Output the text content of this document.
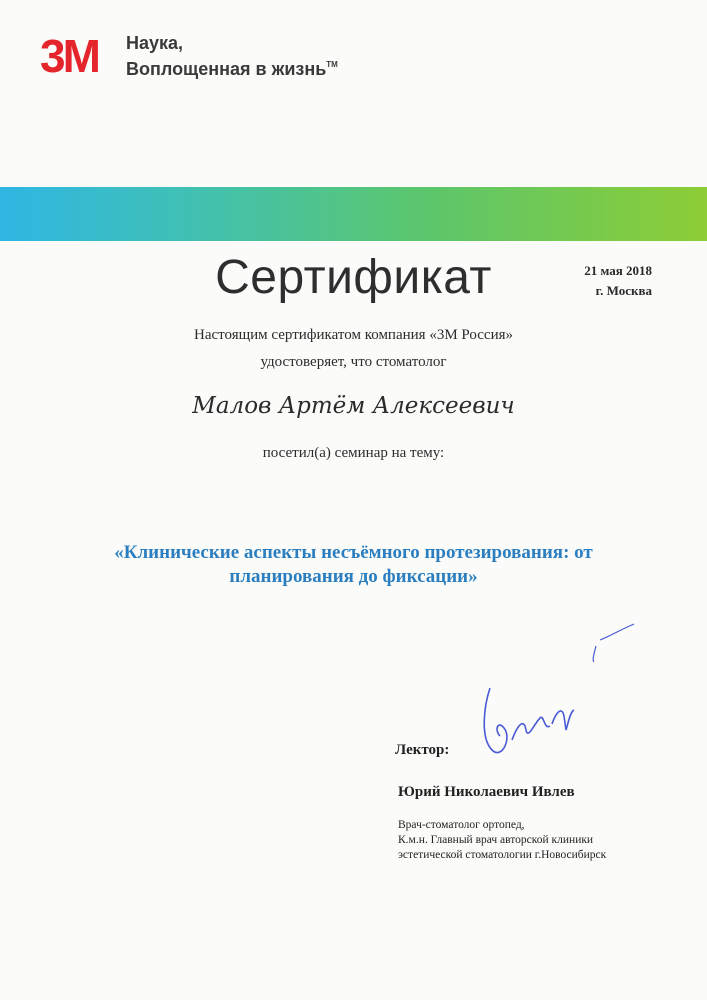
3M Наука,
Воплощенная в жизнь™
Сертификат	21 мая 2018
г. Москва
Настоящим сертификатом компания «3М Россия»
удостоверяет, что стоматолог
Малов Артём Алексеевич
посетил(а) семинар на тему:
«Клинические аспекты несъёмного протезирования: от
планирования до фиксации»
Лектор:
Юрий Николаевич Ивлев
Врач-стоматолог ортопед,
К.м.н. Главный врач авторской клиники
эстетической стоматологии г.Новосибирск
